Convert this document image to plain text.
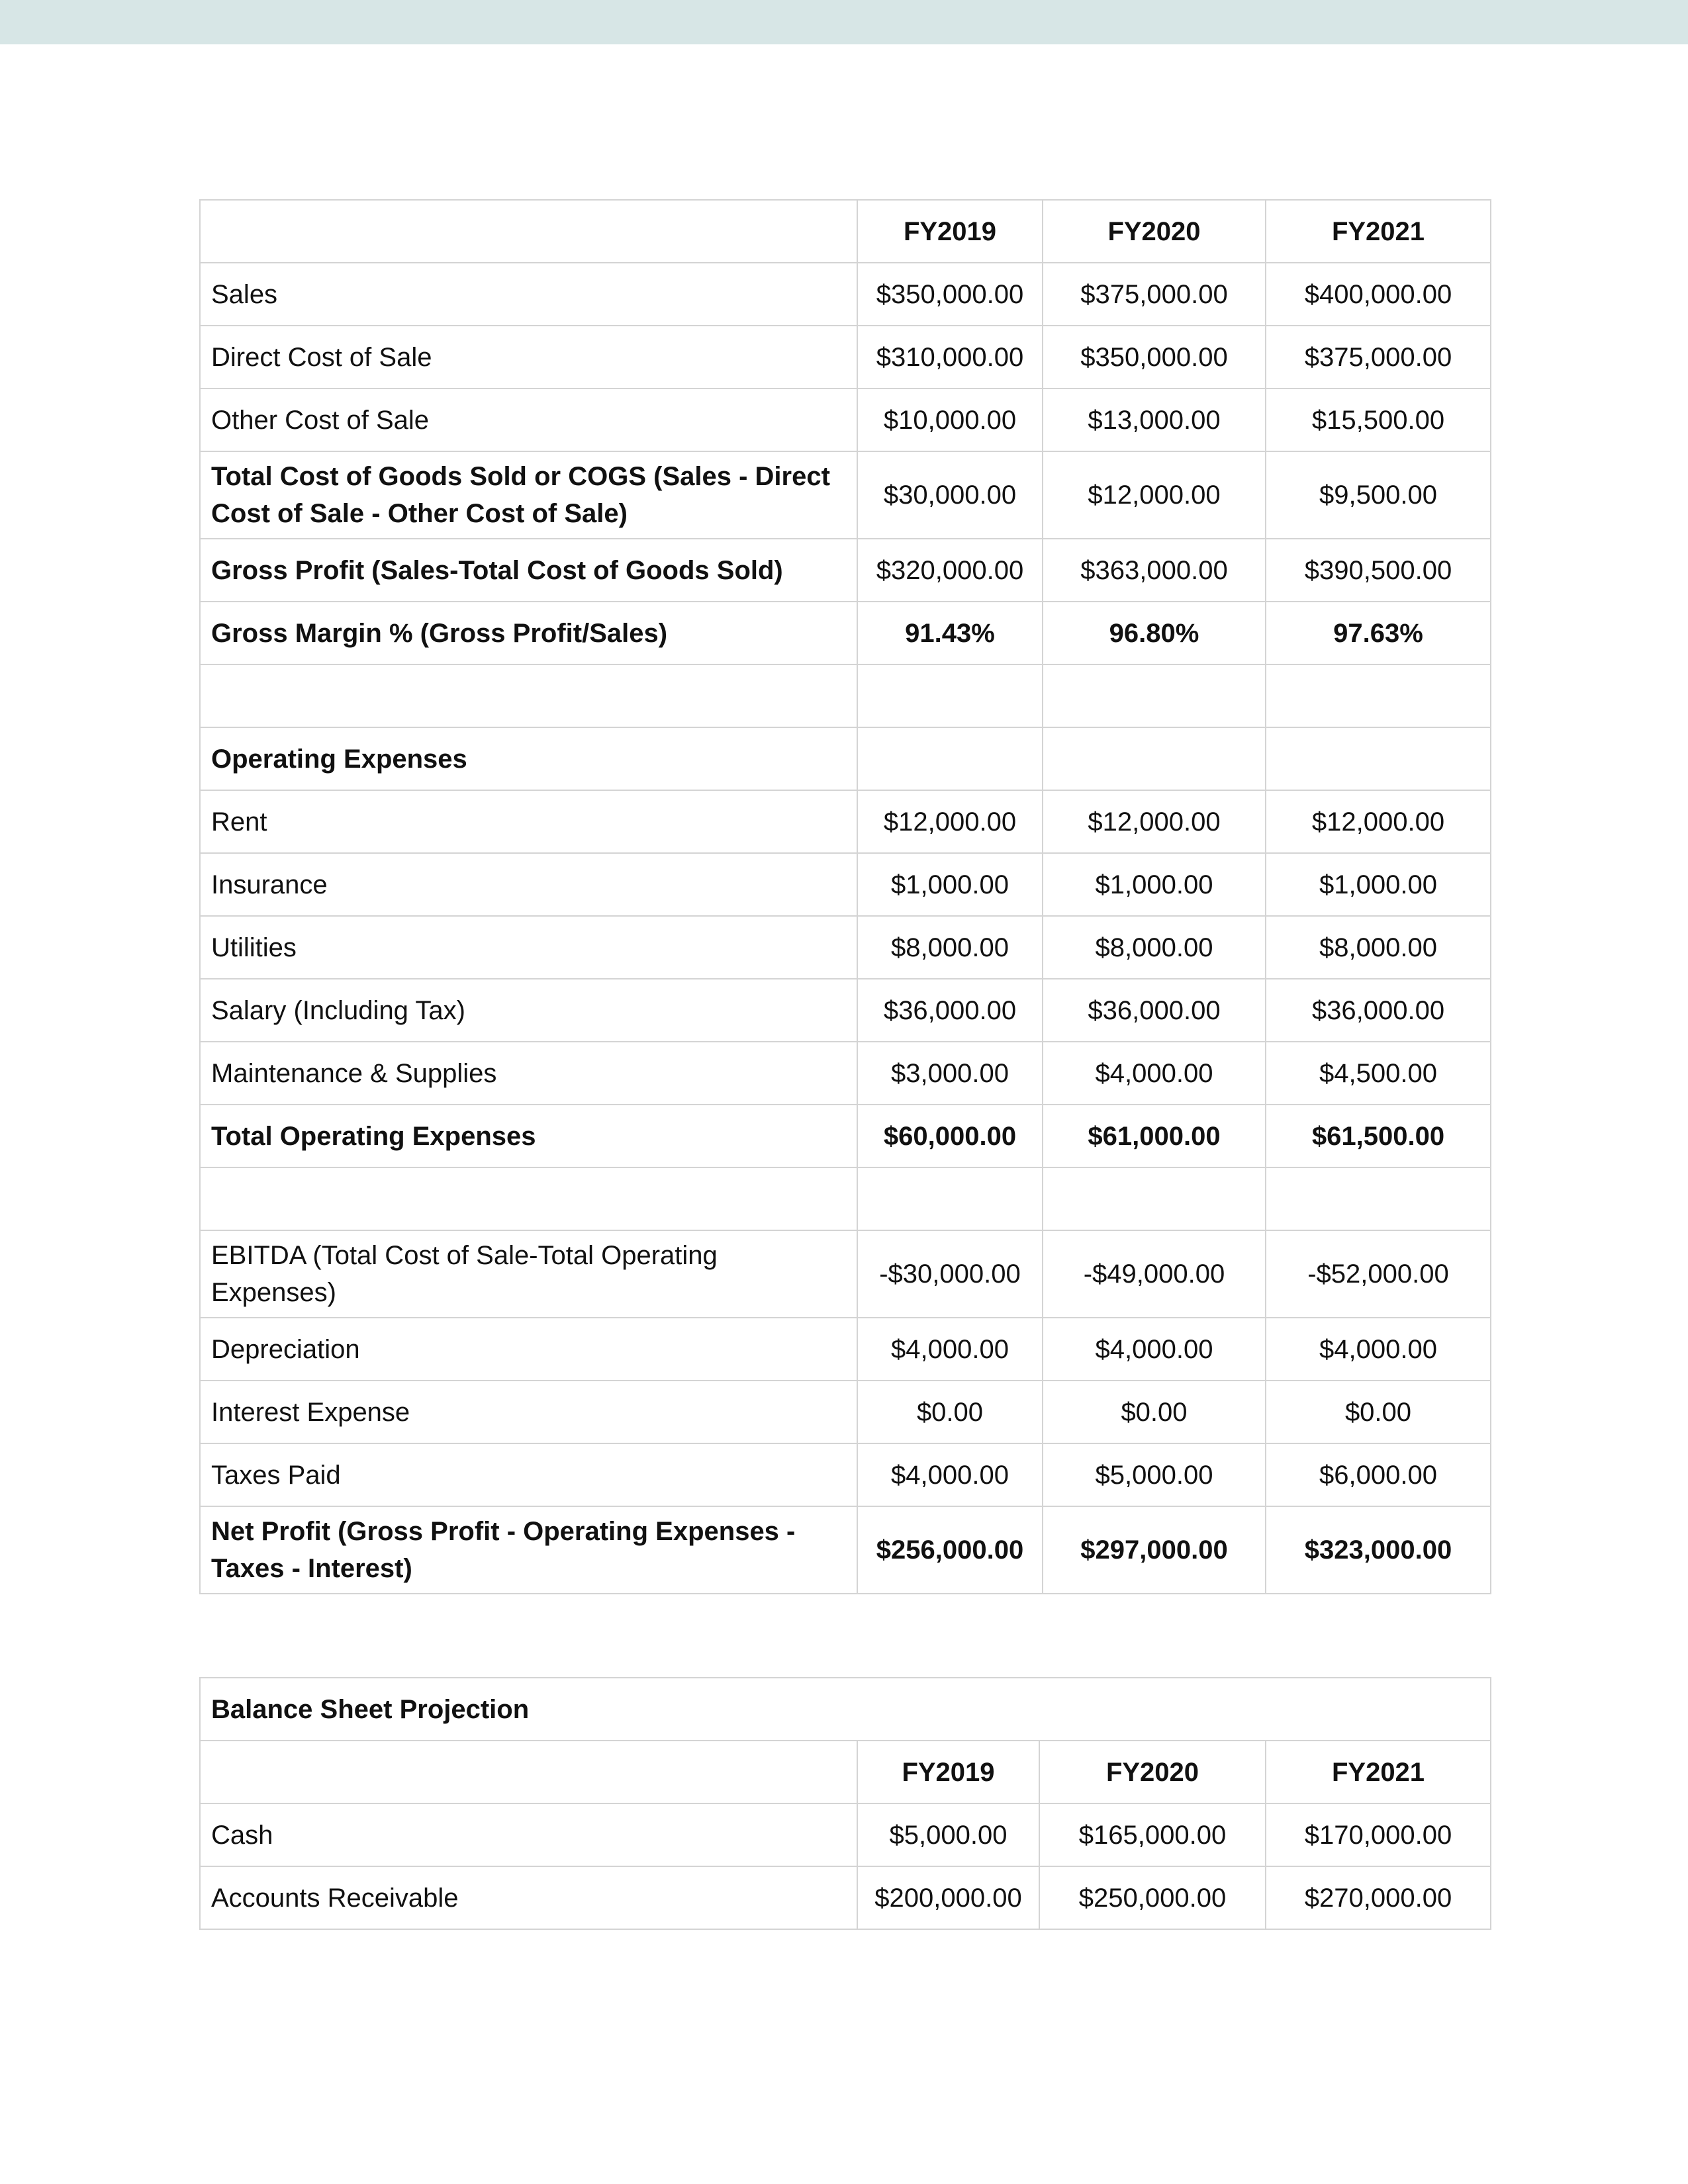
	FY2019	FY2020	FY2021
Sales	$350,000.00	$375,000.00	$400,000.00
Direct Cost of Sale	$310,000.00	$350,000.00	$375,000.00
Other Cost of Sale	$10,000.00	$13,000.00	$15,500.00
Total Cost of Goods Sold or COGS (Sales - Direct Cost of Sale - Other Cost of Sale)	$30,000.00	$12,000.00	$9,500.00
Gross Profit (Sales-Total Cost of Goods Sold)	$320,000.00	$363,000.00	$390,500.00
Gross Margin % (Gross Profit/Sales)	91.43%	96.80%	97.63%

Operating Expenses			
Rent	$12,000.00	$12,000.00	$12,000.00
Insurance	$1,000.00	$1,000.00	$1,000.00
Utilities	$8,000.00	$8,000.00	$8,000.00
Salary (Including Tax)	$36,000.00	$36,000.00	$36,000.00
Maintenance & Supplies	$3,000.00	$4,000.00	$4,500.00
Total Operating Expenses	$60,000.00	$61,000.00	$61,500.00

EBITDA (Total Cost of Sale-Total Operating Expenses)	-$30,000.00	-$49,000.00	-$52,000.00
Depreciation	$4,000.00	$4,000.00	$4,000.00
Interest Expense	$0.00	$0.00	$0.00
Taxes Paid	$4,000.00	$5,000.00	$6,000.00
Net Profit (Gross Profit - Operating Expenses - Taxes - Interest)	$256,000.00	$297,000.00	$323,000.00
Balance Sheet Projection			
	FY2019	FY2020	FY2021
Cash	$5,000.00	$165,000.00	$170,000.00
Accounts Receivable	$200,000.00	$250,000.00	$270,000.00
